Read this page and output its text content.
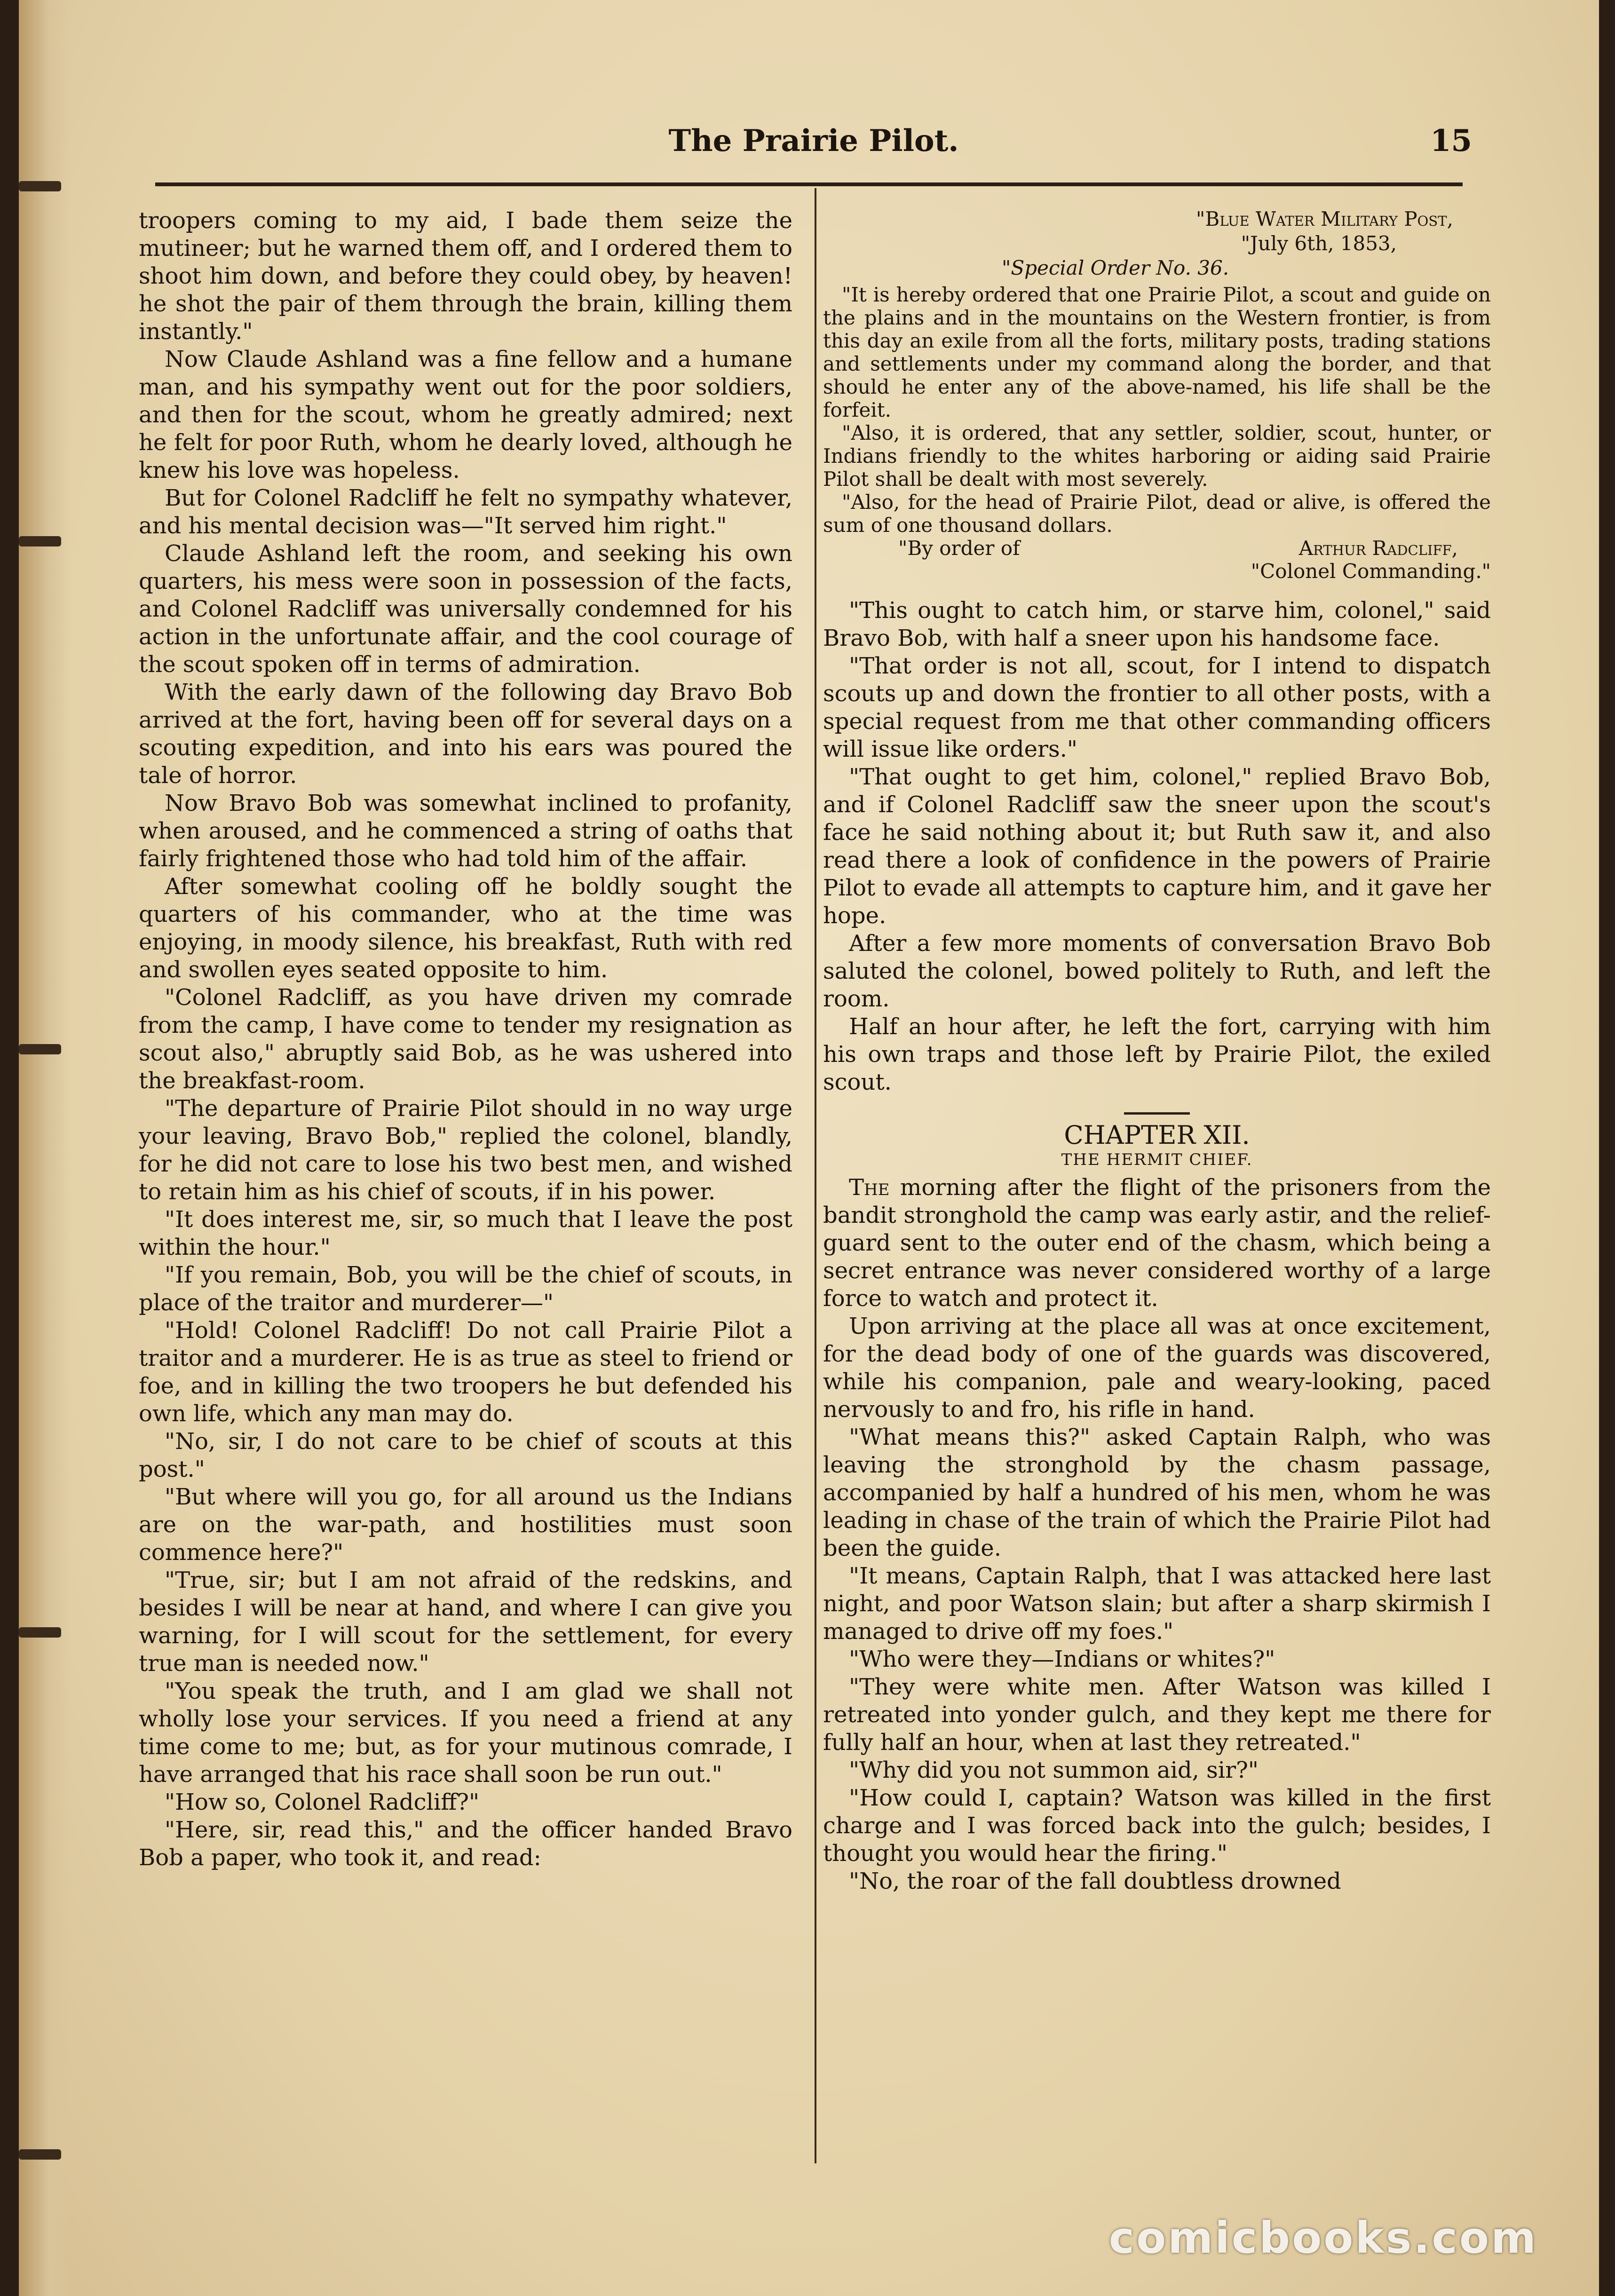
The Prairie Pilot.	15

troopers coming to my aid, I bade them seize the mutineer; but he warned them off, and I ordered them to shoot him down, and before they could obey, by heaven! he shot the pair of them through the brain, killing them instantly."

Now Claude Ashland was a fine fellow and a humane man, and his sympathy went out for the poor soldiers, and then for the scout, whom he greatly admired; next he felt for poor Ruth, whom he dearly loved, although he knew his love was hopeless.

But for Colonel Radcliff he felt no sympathy whatever, and his mental decision was—"It served him right."

Claude Ashland left the room, and seeking his own quarters, his mess were soon in possession of the facts, and Colonel Radcliff was universally condemned for his action in the unfortunate affair, and the cool courage of the scout spoken off in terms of admiration.

With the early dawn of the following day Bravo Bob arrived at the fort, having been off for several days on a scouting expedition, and into his ears was poured the tale of horror.

Now Bravo Bob was somewhat inclined to profanity, when aroused, and he commenced a string of oaths that fairly frightened those who had told him of the affair.

After somewhat cooling off he boldly sought the quarters of his commander, who at the time was enjoying, in moody silence, his breakfast, Ruth with red and swollen eyes seated opposite to him.

"Colonel Radcliff, as you have driven my comrade from the camp, I have come to tender my resignation as scout also," abruptly said Bob, as he was ushered into the breakfast-room.

"The departure of Prairie Pilot should in no way urge your leaving, Bravo Bob," replied the colonel, blandly, for he did not care to lose his two best men, and wished to retain him as his chief of scouts, if in his power.

"It does interest me, sir, so much that I leave the post within the hour."

"If you remain, Bob, you will be the chief of scouts, in place of the traitor and murderer—"

"Hold! Colonel Radcliff! Do not call Prairie Pilot a traitor and a murderer. He is as true as steel to friend or foe, and in killing the two troopers he but defended his own life, which any man may do.

"No, sir, I do not care to be chief of scouts at this post."

"But where will you go, for all around us the Indians are on the war-path, and hostilities must soon commence here?"

"True, sir; but I am not afraid of the redskins, and besides I will be near at hand, and where I can give you warning, for I will scout for the settlement, for every true man is needed now."

"You speak the truth, and I am glad we shall not wholly lose your services. If you need a friend at any time come to me; but, as for your mutinous comrade, I have arranged that his race shall soon be run out."

"How so, Colonel Radcliff?"

"Here, sir, read this," and the officer handed Bravo Bob a paper, who took it, and read:

"Blue Water Military Post,
"July 6th, 1853,
"Special Order No. 36.

"It is hereby ordered that one Prairie Pilot, a scout and guide on the plains and in the mountains on the Western frontier, is from this day an exile from all the forts, military posts, trading stations and settlements under my command along the border, and that should he enter any of the above-named, his life shall be the forfeit.

"Also, it is ordered, that any settler, soldier, scout, hunter, or Indians friendly to the whites harboring or aiding said Prairie Pilot shall be dealt with most severely.

"Also, for the head of Prairie Pilot, dead or alive, is offered the sum of one thousand dollars.

"By order of	Arthur Radcliff,
"Colonel Commanding."

"This ought to catch him, or starve him, colonel," said Bravo Bob, with half a sneer upon his handsome face.

"That order is not all, scout, for I intend to dispatch scouts up and down the frontier to all other posts, with a special request from me that other commanding officers will issue like orders."

"That ought to get him, colonel," replied Bravo Bob, and if Colonel Radcliff saw the sneer upon the scout's face he said nothing about it; but Ruth saw it, and also read there a look of confidence in the powers of Prairie Pilot to evade all attempts to capture him, and it gave her hope.

After a few more moments of conversation Bravo Bob saluted the colonel, bowed politely to Ruth, and left the room.

Half an hour after, he left the fort, carrying with him his own traps and those left by Prairie Pilot, the exiled scout.

CHAPTER XII.
THE HERMIT CHIEF.

The morning after the flight of the prisoners from the bandit stronghold the camp was early astir, and the relief-guard sent to the outer end of the chasm, which being a secret entrance was never considered worthy of a large force to watch and protect it.

Upon arriving at the place all was at once excitement, for the dead body of one of the guards was discovered, while his companion, pale and weary-looking, paced nervously to and fro, his rifle in hand.

"What means this?" asked Captain Ralph, who was leaving the stronghold by the chasm passage, accompanied by half a hundred of his men, whom he was leading in chase of the train of which the Prairie Pilot had been the guide.

"It means, Captain Ralph, that I was attacked here last night, and poor Watson slain; but after a sharp skirmish I managed to drive off my foes."

"Who were they—Indians or whites?"

"They were white men. After Watson was killed I retreated into yonder gulch, and they kept me there for fully half an hour, when at last they retreated."

"Why did you not summon aid, sir?"

"How could I, captain? Watson was killed in the first charge and I was forced back into the gulch; besides, I thought you would hear the firing."

"No, the roar of the fall doubtless drowned

comicbooks.com
